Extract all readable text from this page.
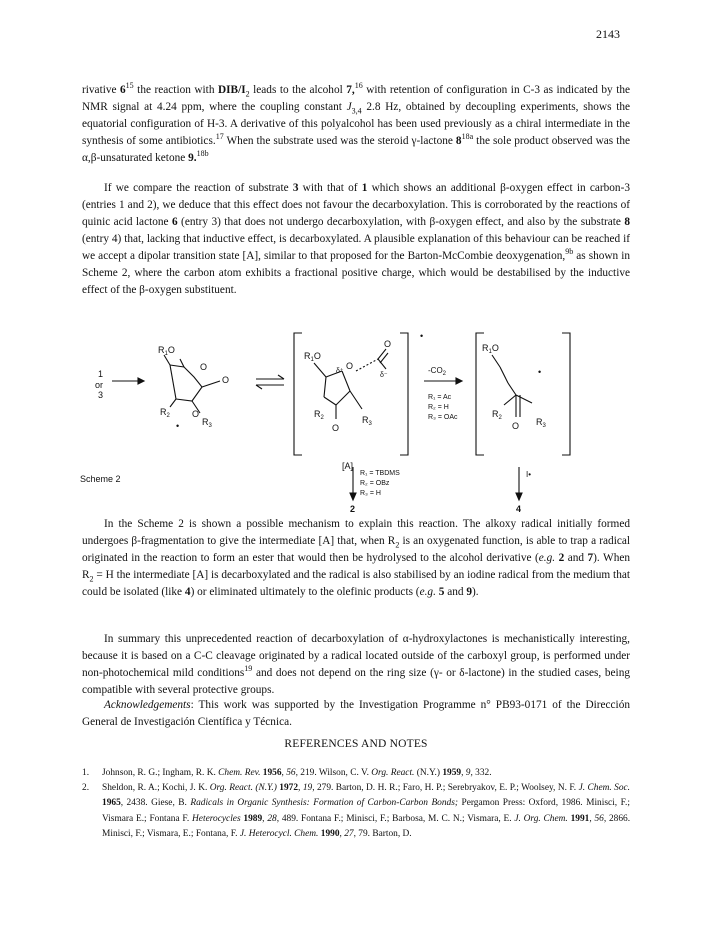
2143

rivative $6^{15}$ the reaction with DIB/$I_2$ leads to the alcohol 7,16 with retention of configuration in C-3 as indicated by the NMR signal at 4.24 ppm, where the coupling constant $J_{3,4}$ 2.8 Hz, obtained by decoupling experiments, shows the equatorial configuration of H-3. A derivative of this polyalcohol has been used previously as a chiral intermediate in the synthesis of some antibiotics.$^{17}$ When the substrate used was the steroid γ-lactone $8^{18a}$ the sole product observed was the α,β-unsaturated ketone 9.$^{18b}$

If we compare the reaction of substrate 3 with that of 1 which shows an additional β-oxygen effect in carbon-3 (entries 1 and 2), we deduce that this effect does not favour the decarboxylation. This is corroborated by the reactions of quinic acid lactone 6 (entry 3) that does not undergo decarboxylation, with β-oxygen effect, and also by the substrate 8 (entry 4) that, lacking that inductive effect, is decarboxylated. A plausible explanation of this behaviour can be reached if we accept a dipolar transition state [A], similar to that proposed for the Barton-McCombie deoxygenation,$^{9b}$ as shown in Scheme 2, where the carbon atom exhibits a fractional positive charge, which would be destabilised by the inductive effect of the β-oxygen substituent.

1
or
3
$R_1O$
O
O
$R_2$ O
•	$R_3$
$R_1O$
δ⁺
O
O
δ⁻
•
$R_2$
O
$R_3$
[A]
$-CO_2$
R₁ = Ac
R₂ = H
R₃ = OAc
$R_1O$
•
$R_2$
O $R_3$
R₁ = TBDMS
R₂ = OBz
R₃ = H
I•
Scheme 2
2	4

In the Scheme 2 is shown a possible mechanism to explain this reaction. The alkoxy radical initially formed undergoes β-fragmentation to give the intermediate [A] that, when $R_2$ is an oxygenated function, is able to trap a radical originated in the reaction to form an ester that would then be hydrolysed to the alcohol derivative (e.g. 2 and 7). When $R_2 = H$ the intermediate [A] is decarboxylated and the radical is also stabilised by an iodine radical from the medium that could be isolated (like 4) or eliminated ultimately to the olefinic products (e.g. 5 and 9).

In summary this unprecedented reaction of decarboxylation of α-hydroxylactones is mechanistically interesting, because it is based on a C-C cleavage originated by a radical located outside of the carboxyl group, is performed under non-photochemical mild conditions$^{19}$ and does not depend on the ring size (γ- or δ-lactone) in the studied cases, being compatible with several protective groups.

Acknowledgements: This work was supported by the Investigation Programme n° PB93-0171 of the Dirección General de Investigación Científica y Técnica.

REFERENCES AND NOTES
1. Johnson, R. G.; Ingham, R. K. Chem. Rev. 1956, 56, 219. Wilson, C. V. Org. React. (N.Y.) 1959, 9, 332.
2. Sheldon, R. A.; Kochi, J. K. Org. React. (N.Y.) 1972, 19, 279. Barton, D. H. R.; Faro, H. P.; Serebryakov, E. P.; Woolsey, N. F. J. Chem. Soc. 1965, 2438. Giese, B. Radicals in Organic Synthesis: Formation of Carbon-Carbon Bonds; Pergamon Press: Oxford, 1986. Minisci, F.; Vismara E.; Fontana F. Heterocycles 1989, 28, 489. Fontana F.; Minisci, F.; Barbosa, M. C. N.; Vismara, E. J. Org. Chem. 1991, 56, 2866. Minisci, F.; Vismara, E.; Fontana, F. J. Heterocycl. Chem. 1990, 27, 79. Barton, D.
